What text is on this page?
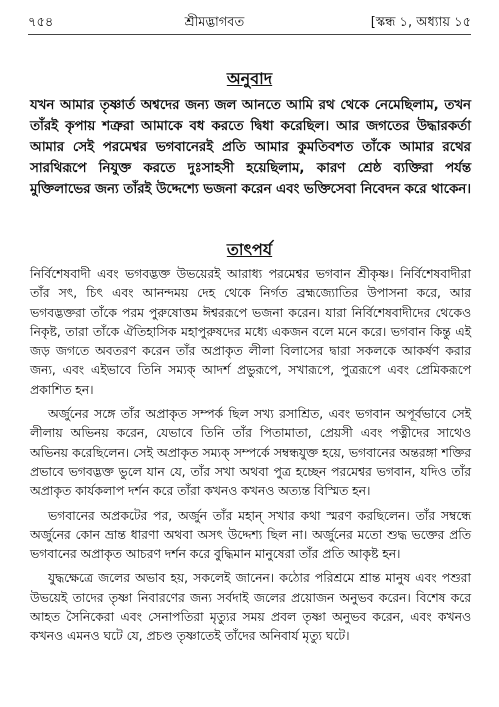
৭৫৪	শ্রীমদ্ভাগবত	[স্কন্ধ ১, অধ্যায় ১৫
অনুবাদ
যখন আমার তৃষ্ণার্ত অশ্বদের জন্য জল আনতে আমি রথ থেকে নেমেছিলাম, তখন তাঁরই কৃপায় শত্রুরা আমাকে বধ করতে দ্বিধা করেছিল। আর জগতের উদ্ধারকর্তা আমার সেই পরমেশ্বর ভগবানেরই প্রতি আমার কুমতিবশত তাঁকে আমার রথের সারথিরূপে নিযুক্ত করতে দুঃসাহসী হয়েছিলাম, কারণ শ্রেষ্ঠ ব্যক্তিরা পর্যন্ত মুক্তিলাভের জন্য তাঁরই উদ্দেশ্যে ভজনা করেন এবং ভক্তিসেবা নিবেদন করে থাকেন।
তাৎপর্য

নির্বিশেষবাদী এবং ভগবদ্ভক্ত উভয়েরই আরাধ্য পরমেশ্বর ভগবান শ্রীকৃষ্ণ। নির্বিশেষবাদীরা তাঁর সৎ, চিৎ এবং আনন্দময় দেহ থেকে নির্গত ব্রহ্মজ্যোতির উপাসনা করে, আর ভগবদ্ভক্তরা তাঁকে পরম পুরুষোত্তম ঈশ্বররূপে ভজনা করেন। যারা নির্বিশেষবাদীদের থেকেও নিকৃষ্ট, তারা তাঁকে ঐতিহাসিক মহাপুরুষদের মধ্যে একজন বলে মনে করে। ভগবান কিন্তু এই জড় জগতে অবতরণ করেন তাঁর অপ্রাকৃত লীলা বিলাসের দ্বারা সকলকে আকর্ষণ করার জন্য, এবং এইভাবে তিনি সম্যক্ আদর্শ প্রভুরূপে, সখারূপে, পুত্ররূপে এবং প্রেমিকরূপে প্রকাশিত হন।

অর্জুনের সঙ্গে তাঁর অপ্রাকৃত সম্পর্ক ছিল সখ্য রসাশ্রিত, এবং ভগবান অপূর্বভাবে সেই লীলায় অভিনয় করেন, যেভাবে তিনি তাঁর পিতামাতা, প্রেয়সী এবং পত্নীদের সাথেও অভিনয় করেছিলেন। সেই অপ্রাকৃত সম্যক্ সম্পর্কে সম্বন্ধযুক্ত হয়ে, ভগবানের অন্তরঙ্গা শক্তির প্রভাবে ভগবদ্ভক্ত ভুলে যান যে, তাঁর সখা অথবা পুত্র হচ্ছেন পরমেশ্বর ভগবান, যদিও তাঁর অপ্রাকৃত কার্যকলাপ দর্শন করে তাঁরা কখনও কখনও অত্যন্ত বিস্মিত হন।

ভগবানের অপ্রকটের পর, অর্জুন তাঁর মহান্ সখার কথা স্মরণ করছিলেন। তাঁর সম্বন্ধে অর্জুনের কোন ভ্রান্ত ধারণা অথবা অসৎ উদ্দেশ্য ছিল না। অর্জুনের মতো শুদ্ধ ভক্তের প্রতি ভগবানের অপ্রাকৃত আচরণ দর্শন করে বুদ্ধিমান মানুষেরা তাঁর প্রতি আকৃষ্ট হন।

যুদ্ধক্ষেত্রে জলের অভাব হয়, সকলেই জানেন। কঠোর পরিশ্রমে শ্রান্ত মানুষ এবং পশুরা উভয়েই তাদের তৃষ্ণা নিবারণের জন্য সর্বদাই জলের প্রয়োজন অনুভব করেন। বিশেষ করে আহত সৈনিকেরা এবং সেনাপতিরা মৃত্যুর সময় প্রবল তৃষ্ণা অনুভব করেন, এবং কখনও কখনও এমনও ঘটে যে, প্রচণ্ড তৃষ্ণাতেই তাঁদের অনিবার্য মৃত্যু ঘটে।
